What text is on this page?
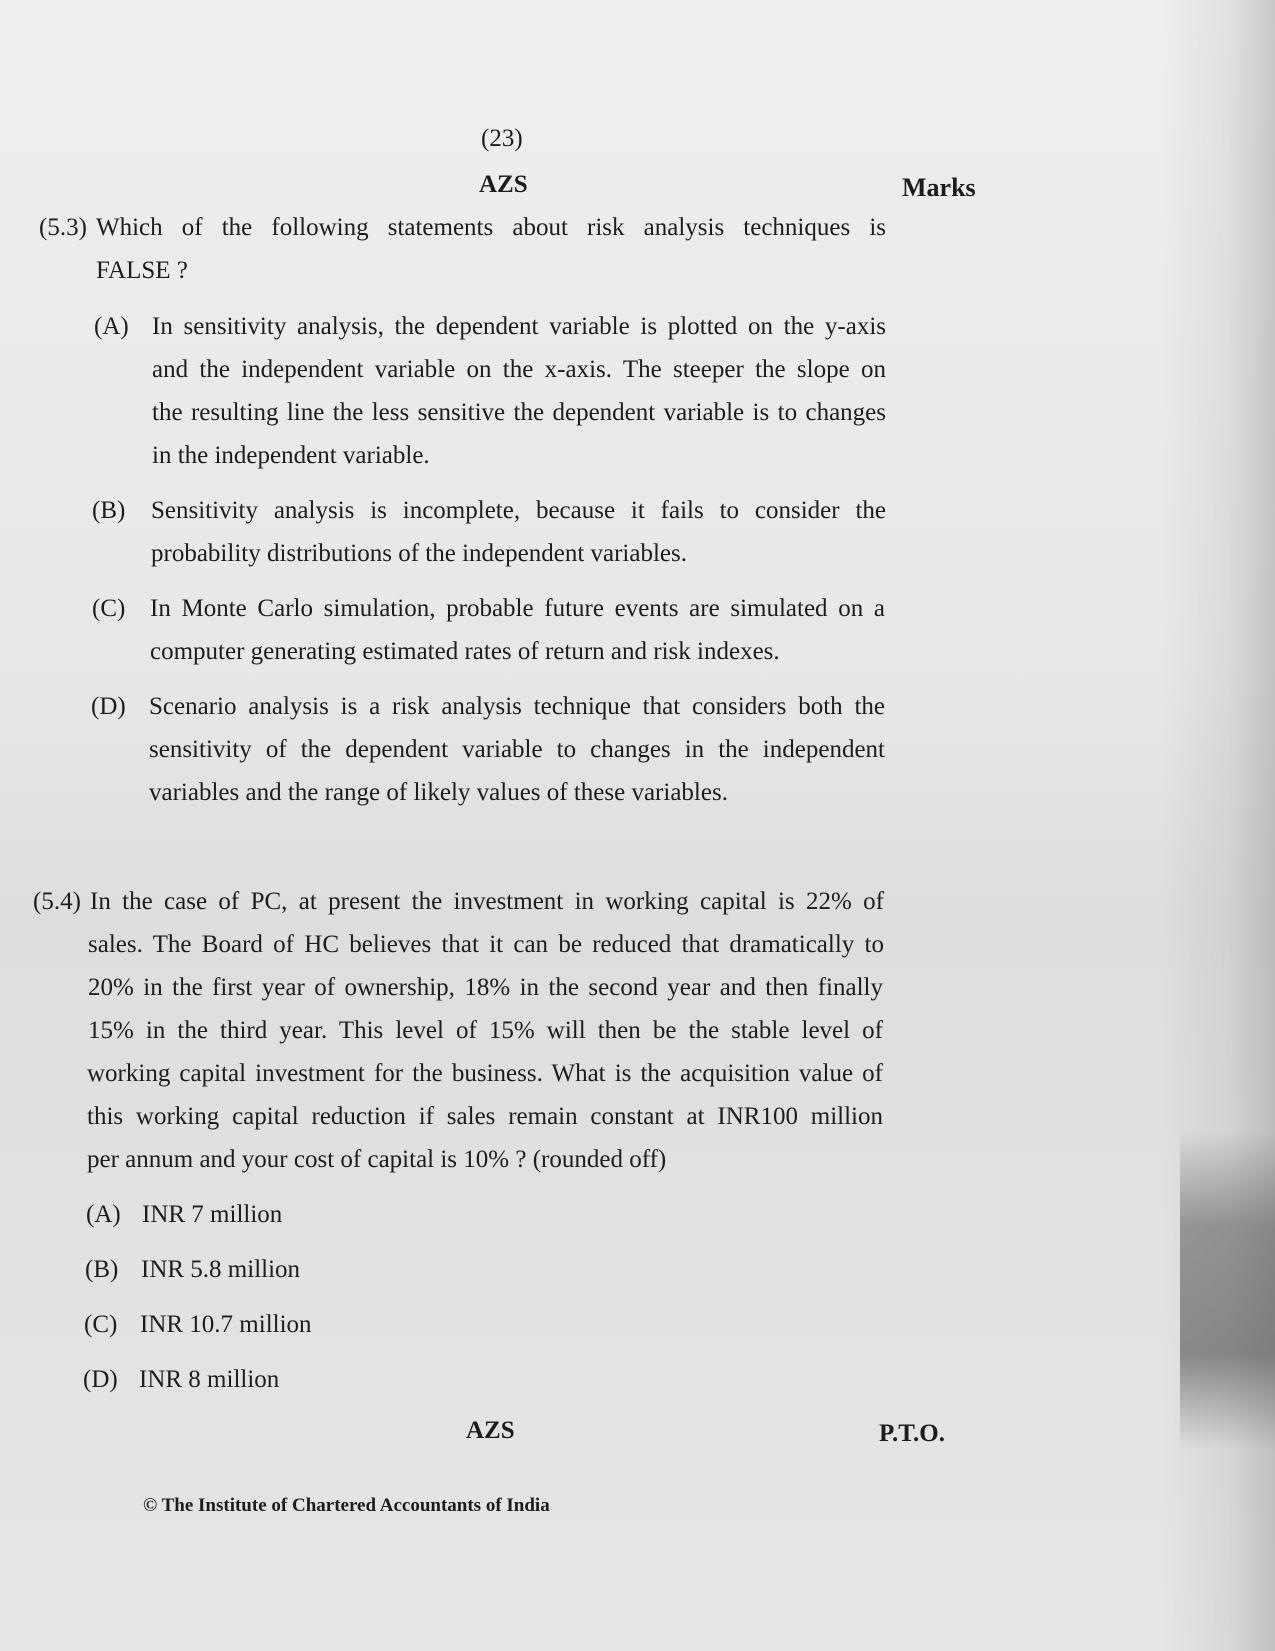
(23)
AZS	Marks
(5.3) Which of the following statements about risk analysis techniques is
FALSE ?
(A) In sensitivity analysis, the dependent variable is plotted on the y-axis
and the independent variable on the x-axis. The steeper the slope on
the resulting line the less sensitive the dependent variable is to changes
in the independent variable.
(B) Sensitivity analysis is incomplete, because it fails to consider the
probability distributions of the independent variables.
(C) In Monte Carlo simulation, probable future events are simulated on a
computer generating estimated rates of return and risk indexes.
(D) Scenario analysis is a risk analysis technique that considers both the
sensitivity of the dependent variable to changes in the independent
variables and the range of likely values of these variables.
(5.4) In the case of PC, at present the investment in working capital is 22% of
sales. The Board of HC believes that it can be reduced that dramatically to
20% in the first year of ownership, 18% in the second year and then finally
15% in the third year. This level of 15% will then be the stable level of
working capital investment for the business. What is the acquisition value of
this working capital reduction if sales remain constant at INR100 million
per annum and your cost of capital is 10% ? (rounded off)
(A) INR 7 million
(B) INR 5.8 million
(C) INR 10.7 million
(D) INR 8 million
AZS	P.T.O.
© The Institute of Chartered Accountants of India
